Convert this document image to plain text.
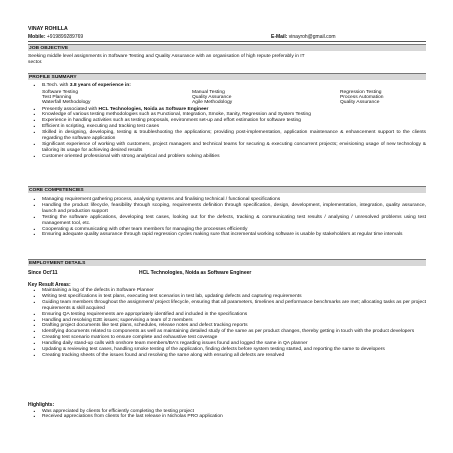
VINAY ROHILLA
Mobile: +919899289769	E-Mail: vinayroh@gmail.com
JOB OBJECTIVE
Seeking middle level assignments in Software Testing and Quality Assurance with an organisation of high repute preferably in IT
sector.
PROFILE SUMMARY
• B.Tech. with 3.8 years of experience in:
Software Testing
Test Planning
Waterfall Methodology
Manual Testing
Quality Assurance
Agile Methodology
Regression Testing
Process Automation
Quality Assurance
• Presently associated with HCL Technologies, Noida as Software Engineer
• Knowledge of various testing methodologies such as Functional, Integration, Smoke, Sanity, Regression and System Testing
• Experience in handling activities such as testing proposals, environment set-up and effort estimation for software testing
• Efficient in scripting, executing and tracking test cases
• Skilled in designing, developing, testing & troubleshooting the applications; providing post-implementation, application maintenance & enhancement support to the clients regarding the software application
• Significant experience of working with customers, project managers and technical teams for securing & executing concurrent projects; envisioning usage of new technology & tailoring its usage for achieving desired results
• Customer oriented professional with strong analytical and problem solving abilities
CORE COMPETENCIES
• Managing requirement gathering process, analysing systems and finalising technical / functional specifications
• Handling the product lifecycle, feasibility through scoping, requirements definition through specification, design, development, implementation, integration, quality assurance, launch and production support
• Testing the software applications, developing test cases, looking out for the defects, tracking & communicating test results / analysing / unresolved problems using test management tool, etc.
• Cooperating & communicating with other team members for managing the processes efficiently
• Ensuring adequate quality assurance through rapid regression cycles making sure that incremental working software is usable by stakeholders at regular time intervals
EMPLOYMENT DETAILS
Since Oct'11	HCL Technologies, Noida as Software Engineer
Key Result Areas:
• Maintaining a log of the defects in Software Planner
• Writing test specifications in test plans, executing test scenarios in test lab, updating defects and capturing requirements
• Guiding team members throughout the assignment/ project lifecycle, ensuring that all parameters, timelines and performance benchmarks are met; allocating tasks as per project requirements & skill acquired
• Ensuring QA testing requirements are appropriately identified and included in the specifications
• Handling and resolving E2E issues; supervising a team of 2 members
• Drafting project documents like test plans, schedules, release notes and defect tracking reports
• Identifying documents related to components as well as maintaining detailed study of the same as per product changes, thereby getting in touch with the product developers
• Creating test scenario matrices to ensure complete and exhaustive test coverage
• Handling daily stand-up calls with onshore team members/BA's regarding issues found and logged the same in QA planner
• Updating & reviewing test cases, handling smoke testing of the application, finding defects before system testing started, and reporting the same to developers
• Creating tracking sheets of the issues found and resolving the same along with ensuring all defects are resolved
Highlights:
• Was appreciated by clients for efficiently completing the testing project
• Received appreciations from clients for the last release in Nicholas PRO application
